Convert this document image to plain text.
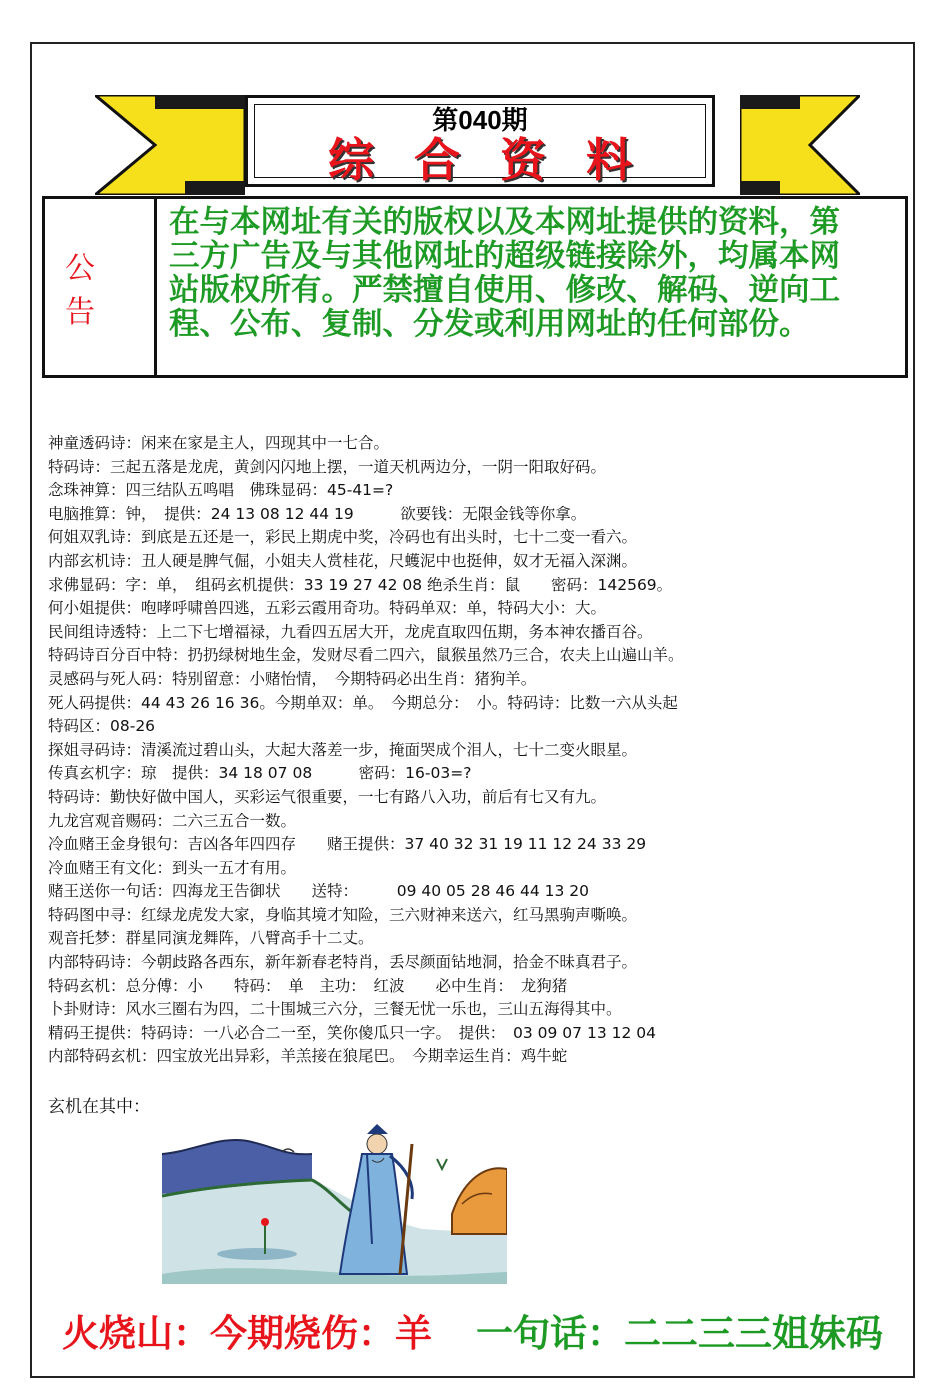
第040期
综合资料
公告
在与本网址有关的版权以及本网址提供的资料，第三方广告及与其他网址的超级链接除外，均属本网站版权所有。严禁擅自使用、修改、解码、逆向工程、公布、复制、分发或利用网址的任何部份。
神童透码诗：闲来在家是主人，四现其中一七合。
特码诗：三起五落是龙虎，黄剑闪闪地上摆，一道天机两边分，一阴一阳取好码。
念珠神算：四三结队五鸣唱　佛珠显码：45-41=?
电脑推算：钟，　提供：24 13 08 12 44 19　　　欲要钱：无限金钱等你拿。
何姐双乳诗：到底是五还是一，彩民上期虎中奖，冷码也有出头时，七十二变一看六。
内部玄机诗：丑人硬是脾气倔，小姐夫人赏桂花，尺蠖泥中也挺伸，奴才无福入深渊。
求佛显码：字：单，　组码玄机提供：33 19 27 42 08 绝杀生肖：鼠　　密码：142569。
何小姐提供：咆哮呼啸兽四逃，五彩云霞用奇功。特码单双：单，特码大小：大。
民间组诗透特：上二下七增福禄，九看四五居大开，龙虎直取四伍期，务本神农播百谷。
特码诗百分百中特：扔扔绿树地生金，发财尽看二四六，鼠猴虽然乃三合，农夫上山遍山羊。
灵感码与死人码：特别留意：小赌怡情，　今期特码必出生肖：猪狗羊。
死人码提供：44 43 26 16 36。今期单双：单。　今期总分：　小。特码诗：比数一六从头起
特码区：08-26
探姐寻码诗：清溪流过碧山头，大起大落差一步，掩面哭成个泪人，七十二变火眼星。
传真玄机字：琼　提供：34 18 07 08　　　密码：16-03=?
特码诗：勤快好做中国人，买彩运气很重要，一七有路八入功，前后有七又有九。
九龙宫观音赐码：二六三五合一数。
冷血赌王金身银句：吉凶各年四四存　　赌王提供：37 40 32 31 19 11 12 24 33 29
冷血赌王有文化：到头一五才有用。
赌王送你一句话：四海龙王告御状　　送特：　　　09 40 05 28 46 44 13 20
特码图中寻：红绿龙虎发大家，身临其境才知险，三六财神来送六，红马黑驹声嘶唤。
观音托梦：群星同演龙舞阵，八臂高手十二丈。
内部特码诗：今朝歧路各西东，新年新春老特肖，丢尽颜面钻地洞，拾金不昧真君子。
特码玄机：总分傅：小　　特码：　单　主功：　红波　　必中生肖：　龙狗猪
卜卦财诗：风水三圈右为四，二十围城三六分，三餐无忧一乐也，三山五海得其中。
精码王提供：特码诗：一八必合二一至，笑你傻瓜只一字。　提供：　03 09 07 13 12 04
内部特码玄机：四宝放光出异彩，羊羔接在狼尾巴。　今期幸运生肖：鸡牛蛇
玄机在其中：
火烧山：今期烧伤：羊 一句话：二二三三姐妹码
